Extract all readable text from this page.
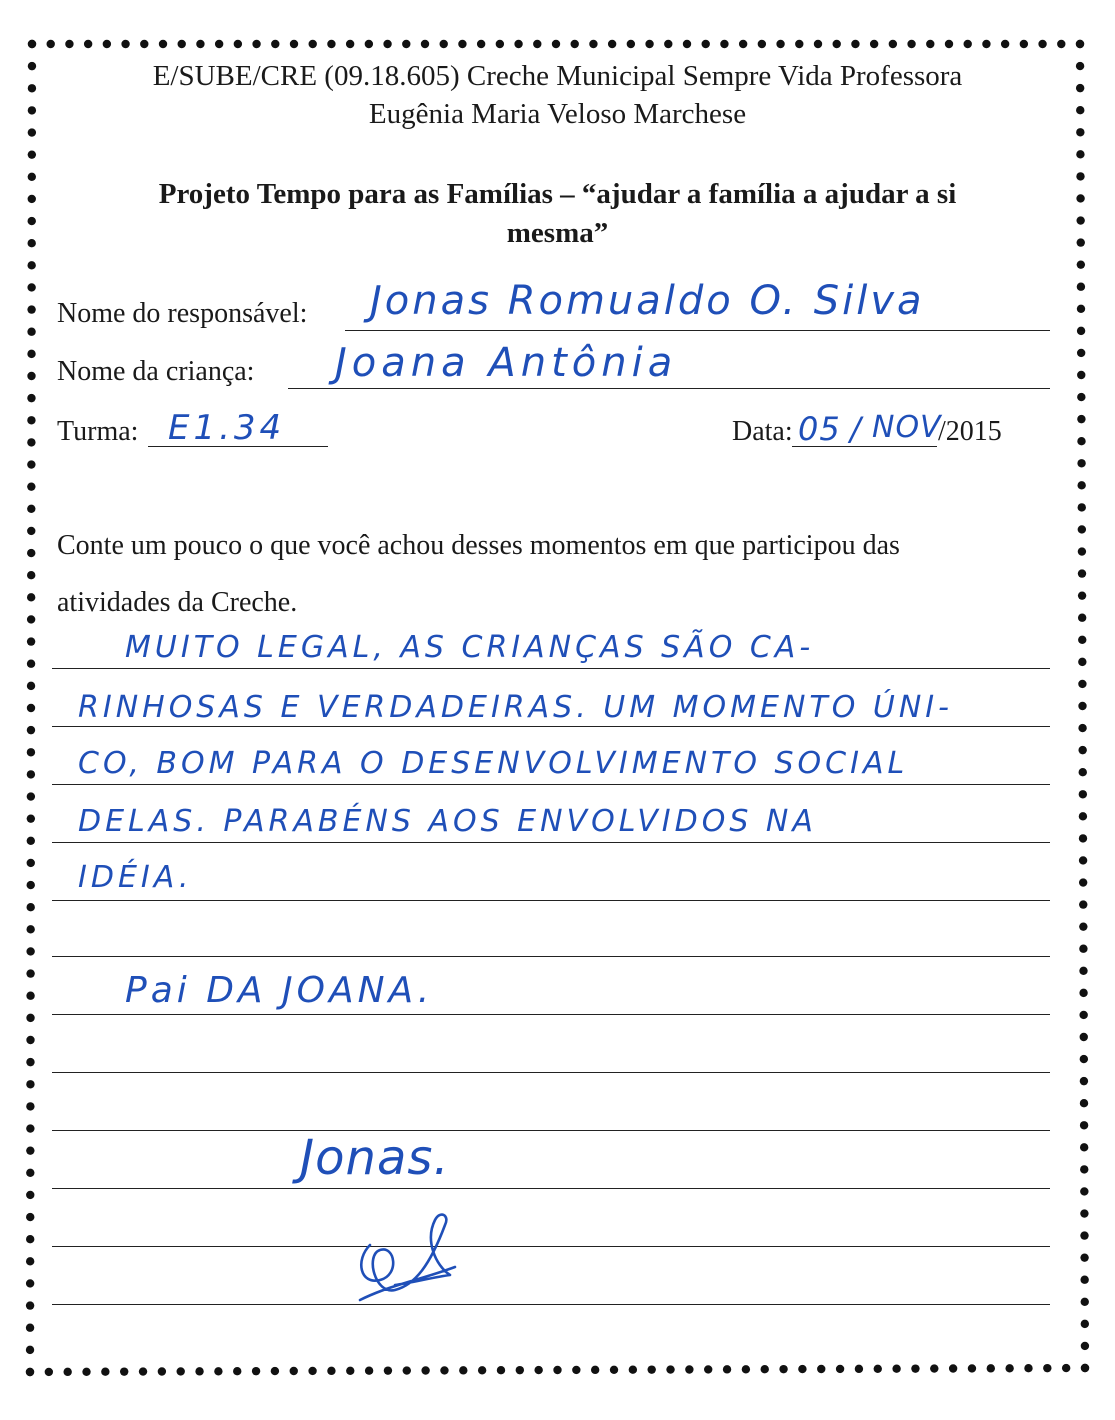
E/SUBE/CRE (09.18.605) Creche Municipal Sempre Vida Professora
Eugênia Maria Veloso Marchese
Projeto Tempo para as Famílias – “ajudar a família a ajudar a si
mesma”
Nome do responsável: Jonas Romualdo O. Silva
Nome da criança: Joana Antônia
Turma: E1.34	Data: 05 / NOV
/2015
Conte um pouco o que você achou desses momentos em que participou das
atividades da Creche.
MUITO LEGAL, AS CRIANÇAS SÃO CA-
RINHOSAS E VERDADEIRAS. UM MOMENTO ÚNI-
CO, BOM PARA O DESENVOLVIMENTO SOCIAL
DELAS. PARABÉNS AOS ENVOLVIDOS NA
IDÉIA.
Pai DA JOANA.
Jonas.
